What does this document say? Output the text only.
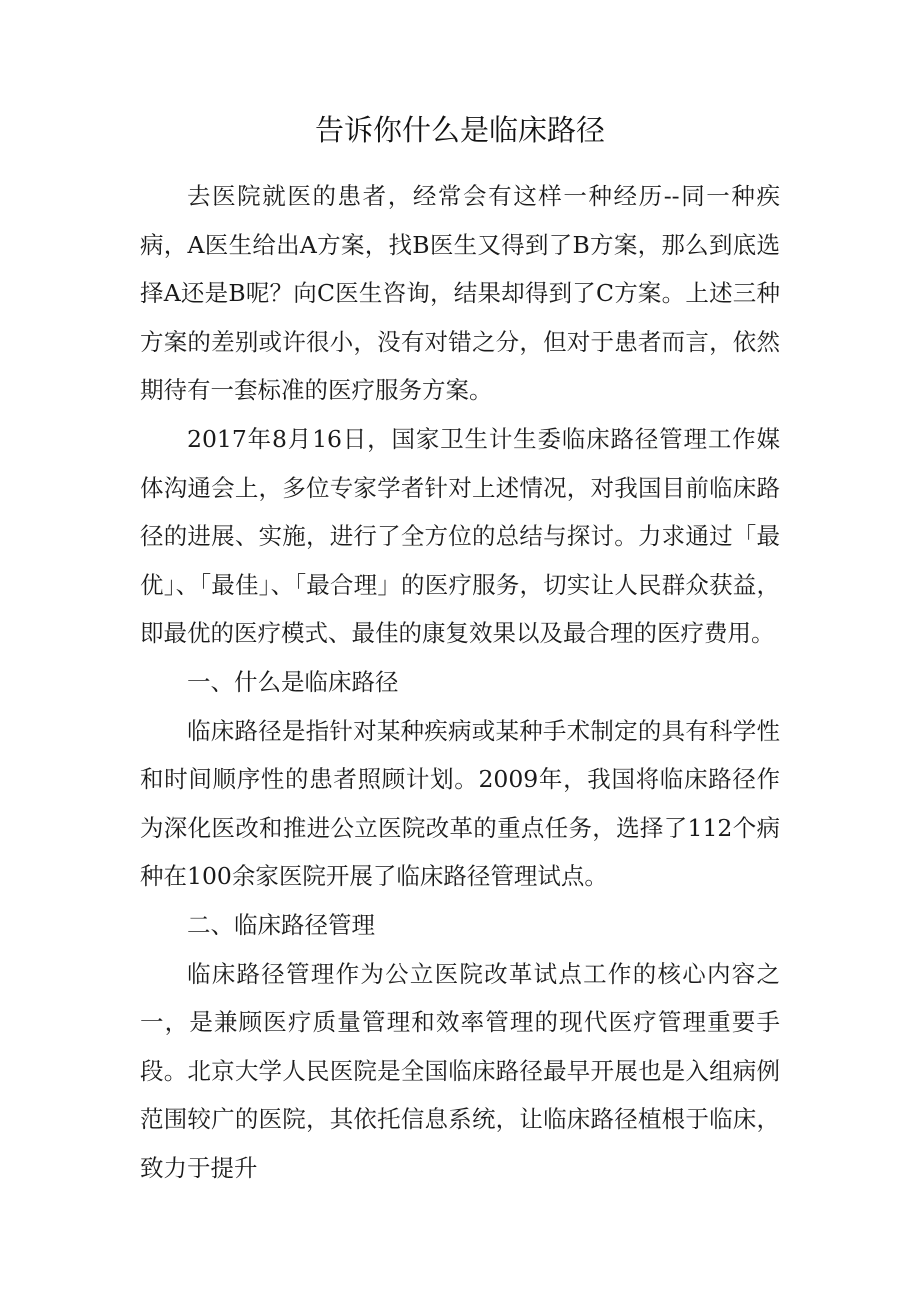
告诉你什么是临床路径

去医院就医的患者，经常会有这样一种经历--同一种疾病，A医生给出A方案，找B医生又得到了B方案，那么到底选择A还是B呢？向C医生咨询，结果却得到了C方案。上述三种方案的差别或许很小，没有对错之分，但对于患者而言，依然期待有一套标准的医疗服务方案。

2017年8月16日，国家卫生计生委临床路径管理工作媒体沟通会上，多位专家学者针对上述情况，对我国目前临床路径的进展、实施，进行了全方位的总结与探讨。力求通过「最优」、「最佳」、「最合理」的医疗服务，切实让人民群众获益，即最优的医疗模式、最佳的康复效果以及最合理的医疗费用。

一、什么是临床路径

临床路径是指针对某种疾病或某种手术制定的具有科学性和时间顺序性的患者照顾计划。2009年，我国将临床路径作为深化医改和推进公立医院改革的重点任务，选择了112个病种在100余家医院开展了临床路径管理试点。

二、临床路径管理

临床路径管理作为公立医院改革试点工作的核心内容之一，是兼顾医疗质量管理和效率管理的现代医疗管理重要手段。北京大学人民医院是全国临床路径最早开展也是入组病例范围较广的医院，其依托信息系统，让临床路径植根于临床，致力于提升
